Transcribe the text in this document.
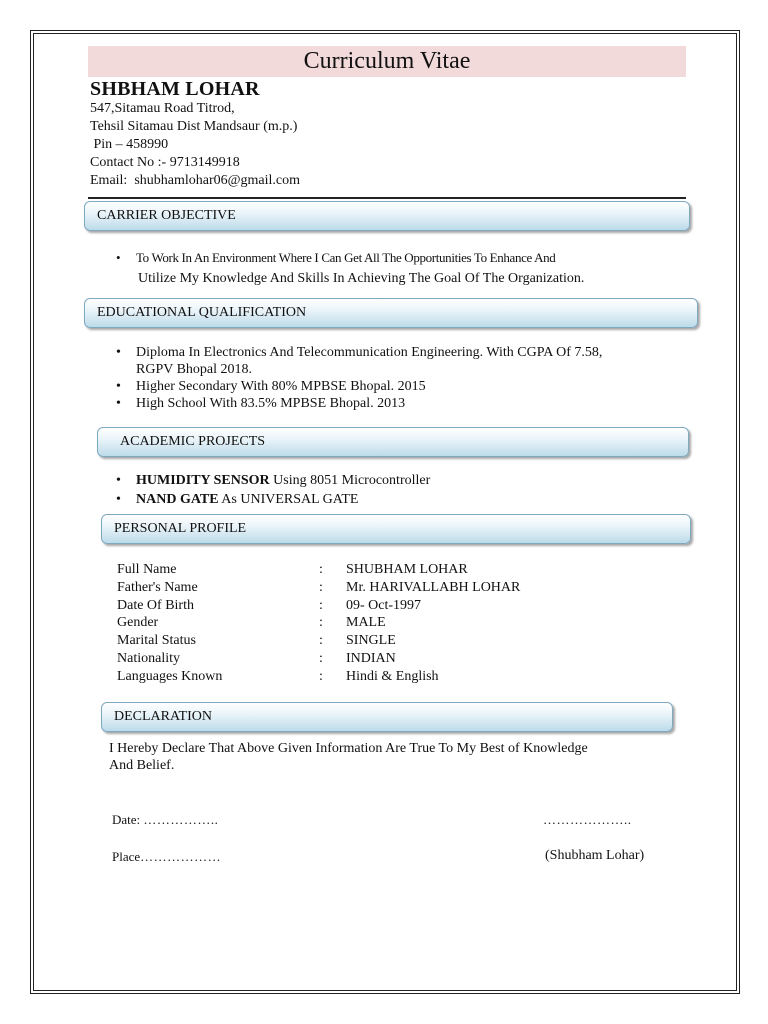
Curriculum Vitae
SHBHAM LOHAR
547,Sitamau Road Titrod,
Tehsil Sitamau Dist Mandsaur (m.p.)
Pin – 458990
Contact No :- 9713149918
Email:  shubhamlohar06@gmail.com
CARRIER OBJECTIVE
• To Work In An Environment Where I Can Get All The Opportunities To Enhance And
Utilize My Knowledge And Skills In Achieving The Goal Of The Organization.
EDUCATIONAL QUALIFICATION
• Diploma In Electronics And Telecommunication Engineering. With CGPA Of 7.58,
RGPV Bhopal 2018.
• Higher Secondary With 80% MPBSE Bhopal. 2015
• High School With 83.5% MPBSE Bhopal. 2013
ACADEMIC PROJECTS
• HUMIDITY SENSOR Using 8051 Microcontroller
• NAND GATE As UNIVERSAL GATE
PERSONAL PROFILE
Full Name	: SHUBHAM LOHAR
Father's Name	: Mr. HARIVALLABH LOHAR
Date Of Birth	: 09- Oct-1997
Gender	: MALE
Marital Status	: SINGLE
Nationality	: INDIAN
Languages Known	: Hindi & English
DECLARATION
I Hereby Declare That Above Given Information Are True To My Best of Knowledge
And Belief.
Date: ……………..	………………..
Place………………	(Shubham Lohar)
